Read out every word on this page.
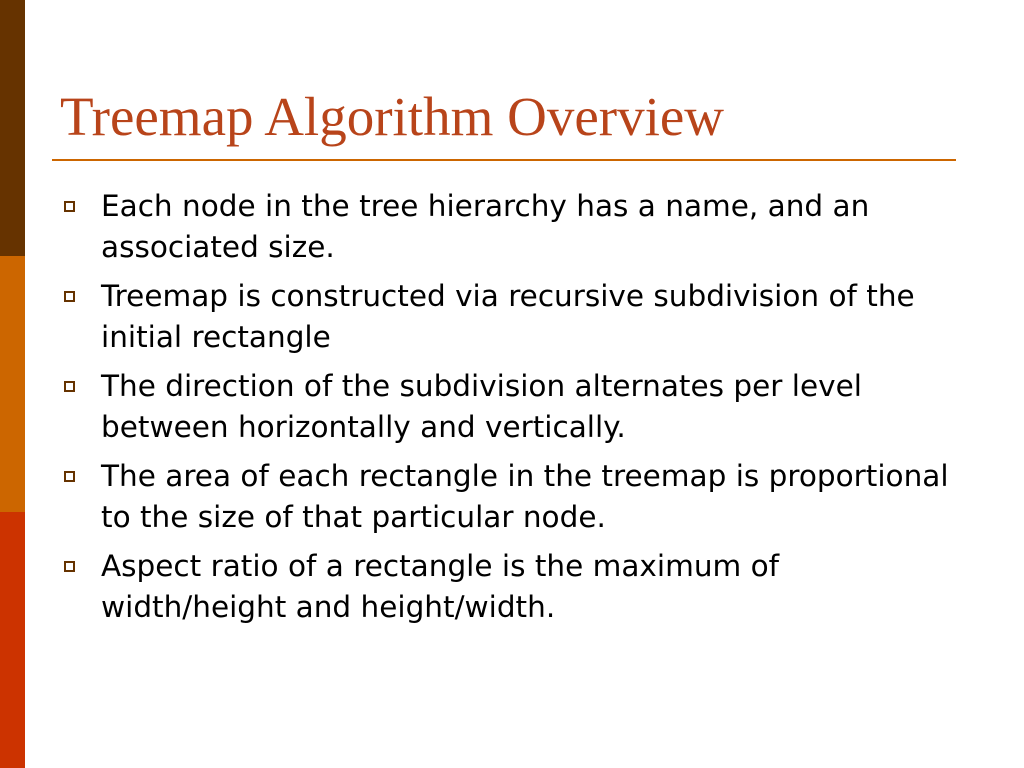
Treemap Algorithm Overview
Each node in the tree hierarchy has a name, and an associated size.
Treemap is constructed via recursive subdivision of the initial rectangle
The direction of the subdivision alternates per level between horizontally and vertically.
The area of each rectangle in the treemap is proportional to the size of that particular node.
Aspect ratio of a rectangle is the maximum of width/height and height/width.
